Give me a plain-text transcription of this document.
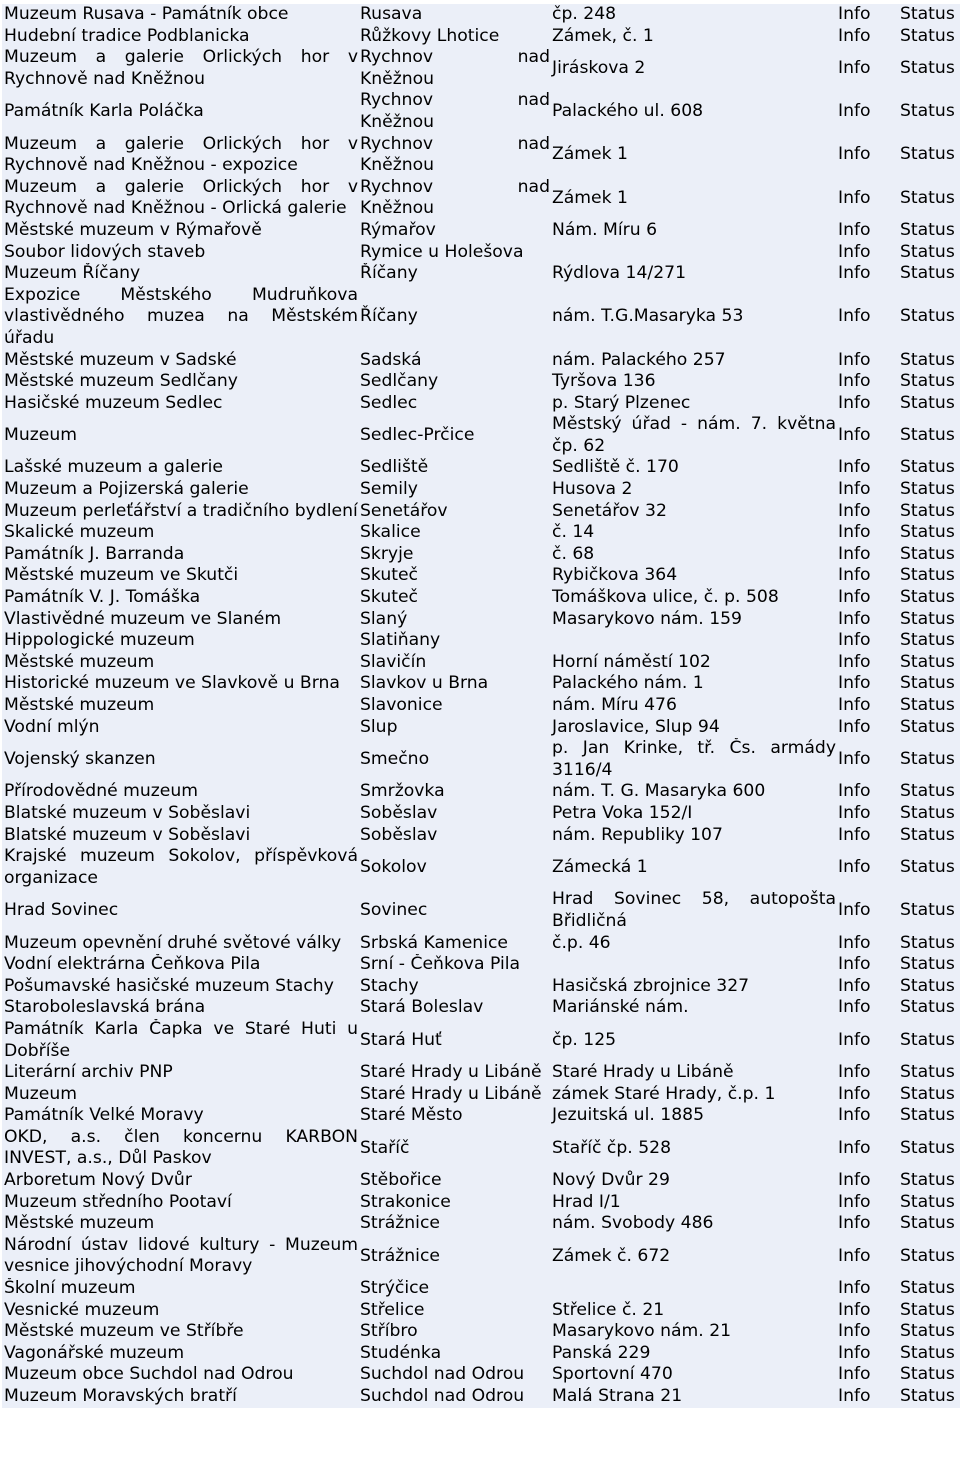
Muzeum Rusava - Památník obce	Rusava	čp. 248	Info	Status
Hudební tradice Podblanicka	Růžkovy Lhotice	Zámek, č. 1	Info	Status
Muzeum a galerie Orlických hor v Rychnově nad Kněžnou	Rychnov nad Kněžnou	Jiráskova 2	Info	Status
Památník Karla Poláčka	Rychnov nad Kněžnou	Palackého ul. 608	Info	Status
Muzeum a galerie Orlických hor v Rychnově nad Kněžnou - expozice	Rychnov nad Kněžnou	Zámek 1	Info	Status
Muzeum a galerie Orlických hor v Rychnově nad Kněžnou - Orlická galerie	Rychnov nad Kněžnou	Zámek 1	Info	Status
Městské muzeum v Rýmařově	Rýmařov	Nám. Míru 6	Info	Status
Soubor lidových staveb	Rymice u Holešova		Info	Status
Muzeum Říčany	Říčany	Rýdlova 14/271	Info	Status
Expozice Městského Mudruňkova vlastivědného muzea na Městském úřadu	Říčany	nám. T.G.Masaryka 53	Info	Status
Městské muzeum v Sadské	Sadská	nám. Palackého 257	Info	Status
Městské muzeum Sedlčany	Sedlčany	Tyršova 136	Info	Status
Hasičské muzeum Sedlec	Sedlec	p. Starý Plzenec	Info	Status
Muzeum	Sedlec-Prčice	Městský úřad - nám. 7. května čp. 62	Info	Status
Lašské muzeum a galerie	Sedliště	Sedliště č. 170	Info	Status
Muzeum a Pojizerská galerie	Semily	Husova 2	Info	Status
Muzeum perleťářství a tradičního bydlení	Senetářov	Senetářov 32	Info	Status
Skalické muzeum	Skalice	č. 14	Info	Status
Památník J. Barranda	Skryje	č. 68	Info	Status
Městské muzeum ve Skutči	Skuteč	Rybičkova 364	Info	Status
Památník V. J. Tomáška	Skuteč	Tomáškova ulice, č. p. 508	Info	Status
Vlastivědné muzeum ve Slaném	Slaný	Masarykovo nám. 159	Info	Status
Hippologické muzeum	Slatiňany		Info	Status
Městské muzeum	Slavičín	Horní náměstí 102	Info	Status
Historické muzeum ve Slavkově u Brna	Slavkov u Brna	Palackého nám. 1	Info	Status
Městské muzeum	Slavonice	nám. Míru 476	Info	Status
Vodní mlýn	Slup	Jaroslavice, Slup 94	Info	Status
Vojenský skanzen	Smečno	p. Jan Krinke, tř. Čs. armády 3116/4	Info	Status
Přírodovědné muzeum	Smržovka	nám. T. G. Masaryka 600	Info	Status
Blatské muzeum v Soběslavi	Soběslav	Petra Voka 152/I	Info	Status
Blatské muzeum v Soběslavi	Soběslav	nám. Republiky 107	Info	Status
Krajské muzeum Sokolov, příspěvková organizace	Sokolov	Zámecká 1	Info	Status
Hrad Sovinec	Sovinec	Hrad Sovinec 58, autopošta Břidličná	Info	Status
Muzeum opevnění druhé světové války	Srbská Kamenice	č.p. 46	Info	Status
Vodní elektrárna Čeňkova Pila	Srní - Čeňkova Pila		Info	Status
Pošumavské hasičské muzeum Stachy	Stachy	Hasičská zbrojnice 327	Info	Status
Staroboleslavská brána	Stará Boleslav	Mariánské nám.	Info	Status
Památník Karla Čapka ve Staré Huti u Dobříše	Stará Huť	čp. 125	Info	Status
Literární archiv PNP	Staré Hrady u Libáně	Staré Hrady u Libáně	Info	Status
Muzeum	Staré Hrady u Libáně	zámek Staré Hrady, č.p. 1	Info	Status
Památník Velké Moravy	Staré Město	Jezuitská ul. 1885	Info	Status
OKD, a.s. člen koncernu KARBON INVEST, a.s., Důl Paskov	Staříč	Staříč čp. 528	Info	Status
Arboretum Nový Dvůr	Stěbořice	Nový Dvůr 29	Info	Status
Muzeum středního Pootaví	Strakonice	Hrad I/1	Info	Status
Městské muzeum	Strážnice	nám. Svobody 486	Info	Status
Národní ústav lidové kultury - Muzeum vesnice jihovýchodní Moravy	Strážnice	Zámek č. 672	Info	Status
Školní muzeum	Strýčice		Info	Status
Vesnické muzeum	Střelice	Střelice č. 21	Info	Status
Městské muzeum ve Stříbře	Stříbro	Masarykovo nám. 21	Info	Status
Vagonářské muzeum	Studénka	Panská 229	Info	Status
Muzeum obce Suchdol nad Odrou	Suchdol nad Odrou	Sportovní 470	Info	Status
Muzeum Moravských bratří	Suchdol nad Odrou	Malá Strana 21	Info	Status
